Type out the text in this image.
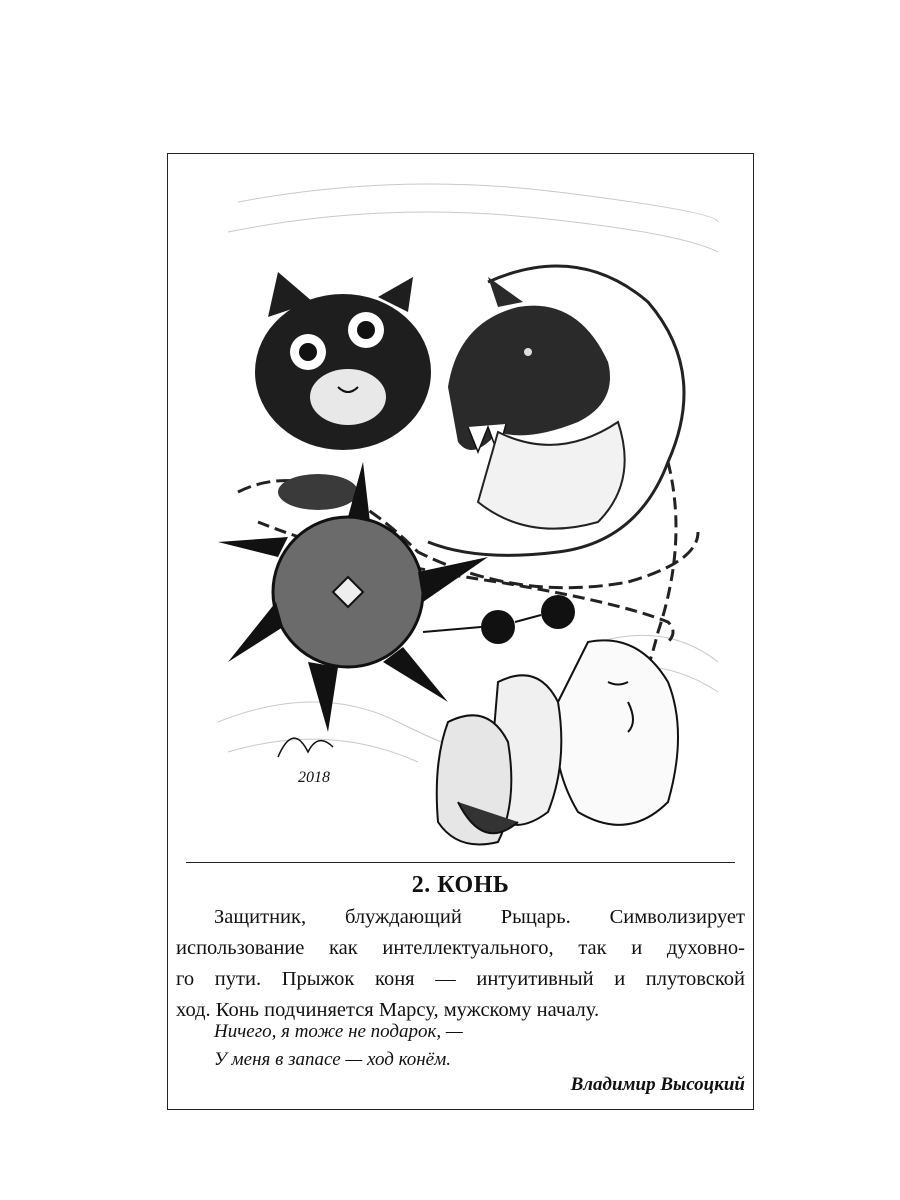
2018
2. КОНЬ
Защитник, блуждающий Рыцарь. Символизирует
использование как интеллектуального, так и духовно-
го пути. Прыжок коня — интуитивный и плутовской
ход. Конь подчиняется Марсу, мужскому началу.
Ничего, я тоже не подарок, —
У меня в запасе — ход конём.
Владимир Высоцкий
